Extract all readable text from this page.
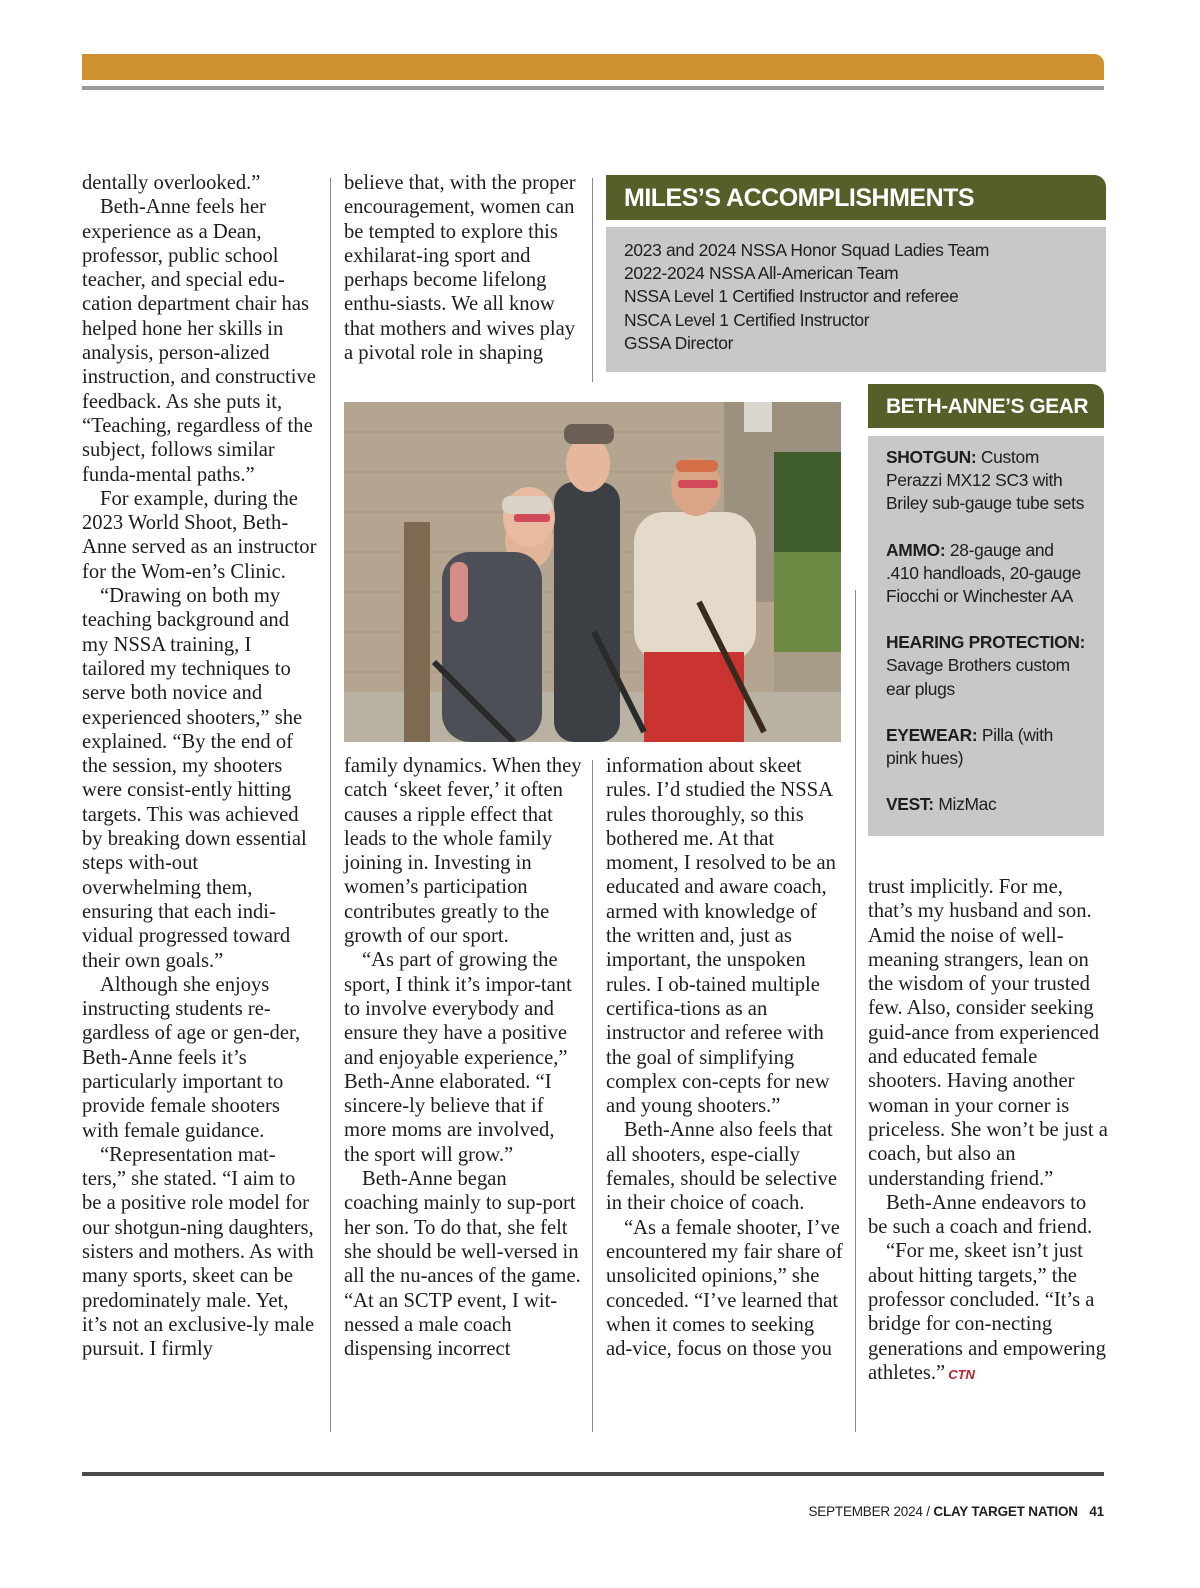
dentally overlooked.”

Beth-Anne feels her experience as a Dean, professor, public school teacher, and special edu-cation department chair has helped hone her skills in analysis, person-alized instruction, and constructive feedback. As she puts it, “Teaching, regardless of the subject, follows similar funda-mental paths.”

For example, during the 2023 World Shoot, Beth-Anne served as an instructor for the Wom-en’s Clinic.

“Drawing on both my teaching background and my NSSA training, I tailored my techniques to serve both novice and experienced shooters,” she explained. “By the end of the session, my shooters were consist-ently hitting targets. This was achieved by breaking down essential steps with-out overwhelming them, ensuring that each indi-vidual progressed toward their own goals.”

Although she enjoys instructing students re-gardless of age or gen-der, Beth-Anne feels it’s particularly important to provide female shooters with female guidance.

“Representation mat-ters,” she stated. “I aim to be a positive role model for our shotgun-ning daughters, sisters and mothers. As with many sports, skeet can be predominately male. Yet, it’s not an exclusive-ly male pursuit. I firmly

believe that, with the proper encouragement, women can be tempted to explore this exhilarat-ing sport and perhaps become lifelong enthu-siasts. We all know that mothers and wives play a pivotal role in shaping

MILES’S ACCOMPLISHMENTS
2023 and 2024 NSSA Honor Squad Ladies Team
2022-2024 NSSA All-American Team
NSSA Level 1 Certified Instructor and referee
NSCA Level 1 Certified Instructor
GSSA Director

family dynamics. When they catch ‘skeet fever,’ it often causes a ripple effect that leads to the whole family joining in. Investing in women’s participation contributes greatly to the growth of our sport.

“As part of growing the sport, I think it’s impor-tant to involve everybody and ensure they have a positive and enjoyable experience,” Beth-Anne elaborated. “I sincere-ly believe that if more moms are involved, the sport will grow.”

Beth-Anne began coaching mainly to sup-port her son. To do that, she felt she should be well-versed in all the nu-ances of the game. “At an SCTP event, I wit-nessed a male coach dispensing incorrect

information about skeet rules. I’d studied the NSSA rules thoroughly, so this bothered me. At that moment, I resolved to be an educated and aware coach, armed with knowledge of the written and, just as important, the unspoken rules. I ob-tained multiple certifica-tions as an instructor and referee with the goal of simplifying complex con-cepts for new and young shooters.”

Beth-Anne also feels that all shooters, espe-cially females, should be selective in their choice of coach.

“As a female shooter, I’ve encountered my fair share of unsolicited opinions,” she conceded. “I’ve learned that when it comes to seeking ad-vice, focus on those you

BETH-ANNE’S GEAR
SHOTGUN: Custom Perazzi MX12 SC3 with Briley sub-gauge tube sets
AMMO: 28-gauge and .410 handloads, 20-gauge Fiocchi or Winchester AA
HEARING PROTECTION:
Savage Brothers custom ear plugs
EYEWEAR: Pilla (with pink hues)
VEST: MizMac

trust implicitly. For me, that’s my husband and son. Amid the noise of well-meaning strangers, lean on the wisdom of your trusted few. Also, consider seeking guid-ance from experienced and educated female shooters. Having another woman in your corner is priceless. She won’t be just a coach, but also an understanding friend.”

Beth-Anne endeavors to be such a coach and friend.

“For me, skeet isn’t just about hitting targets,” the professor concluded. “It’s a bridge for con-necting generations and empowering athletes.” CTN

SEPTEMBER 2024 / CLAY TARGET NATION 41
